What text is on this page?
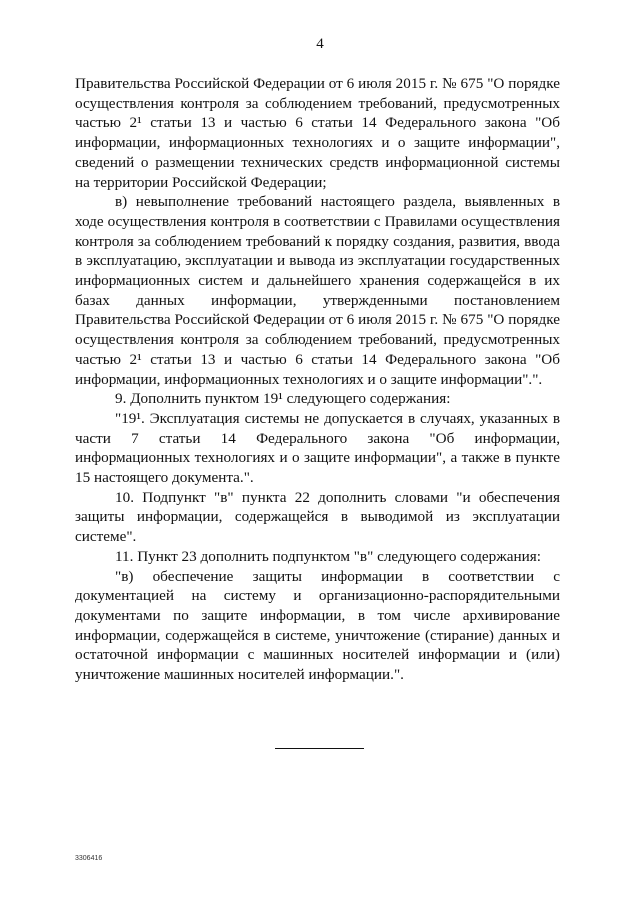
4

Правительства Российской Федерации от 6 июля 2015 г. № 675 "О порядке осуществления контроля за соблюдением требований, предусмотренных частью 2¹ статьи 13 и частью 6 статьи 14 Федерального закона "Об информации, информационных технологиях и о защите информации", сведений о размещении технических средств информационной системы на территории Российской Федерации;

в) невыполнение требований настоящего раздела, выявленных в ходе осуществления контроля в соответствии с Правилами осуществления контроля за соблюдением требований к порядку создания, развития, ввода в эксплуатацию, эксплуатации и вывода из эксплуатации государственных информационных систем и дальнейшего хранения содержащейся в их базах данных информации, утвержденными постановлением Правительства Российской Федерации от 6 июля 2015 г. № 675 "О порядке осуществления контроля за соблюдением требований, предусмотренных частью 2¹ статьи 13 и частью 6 статьи 14 Федерального закона "Об информации, информационных технологиях и о защите информации".".

9. Дополнить пунктом 19¹ следующего содержания:

"19¹. Эксплуатация системы не допускается в случаях, указанных в части 7 статьи 14 Федерального закона "Об информации, информационных технологиях и о защите информации", а также в пункте 15 настоящего документа.".

10. Подпункт "в" пункта 22 дополнить словами "и обеспечения защиты информации, содержащейся в выводимой из эксплуатации системе".

11. Пункт 23 дополнить подпунктом "в" следующего содержания:

"в) обеспечение защиты информации в соответствии с документацией на систему и организационно-распорядительными документами по защите информации, в том числе архивирование информации, содержащейся в системе, уничтожение (стирание) данных и остаточной информации с машинных носителей информации и (или) уничтожение машинных носителей информации.".

3306416
